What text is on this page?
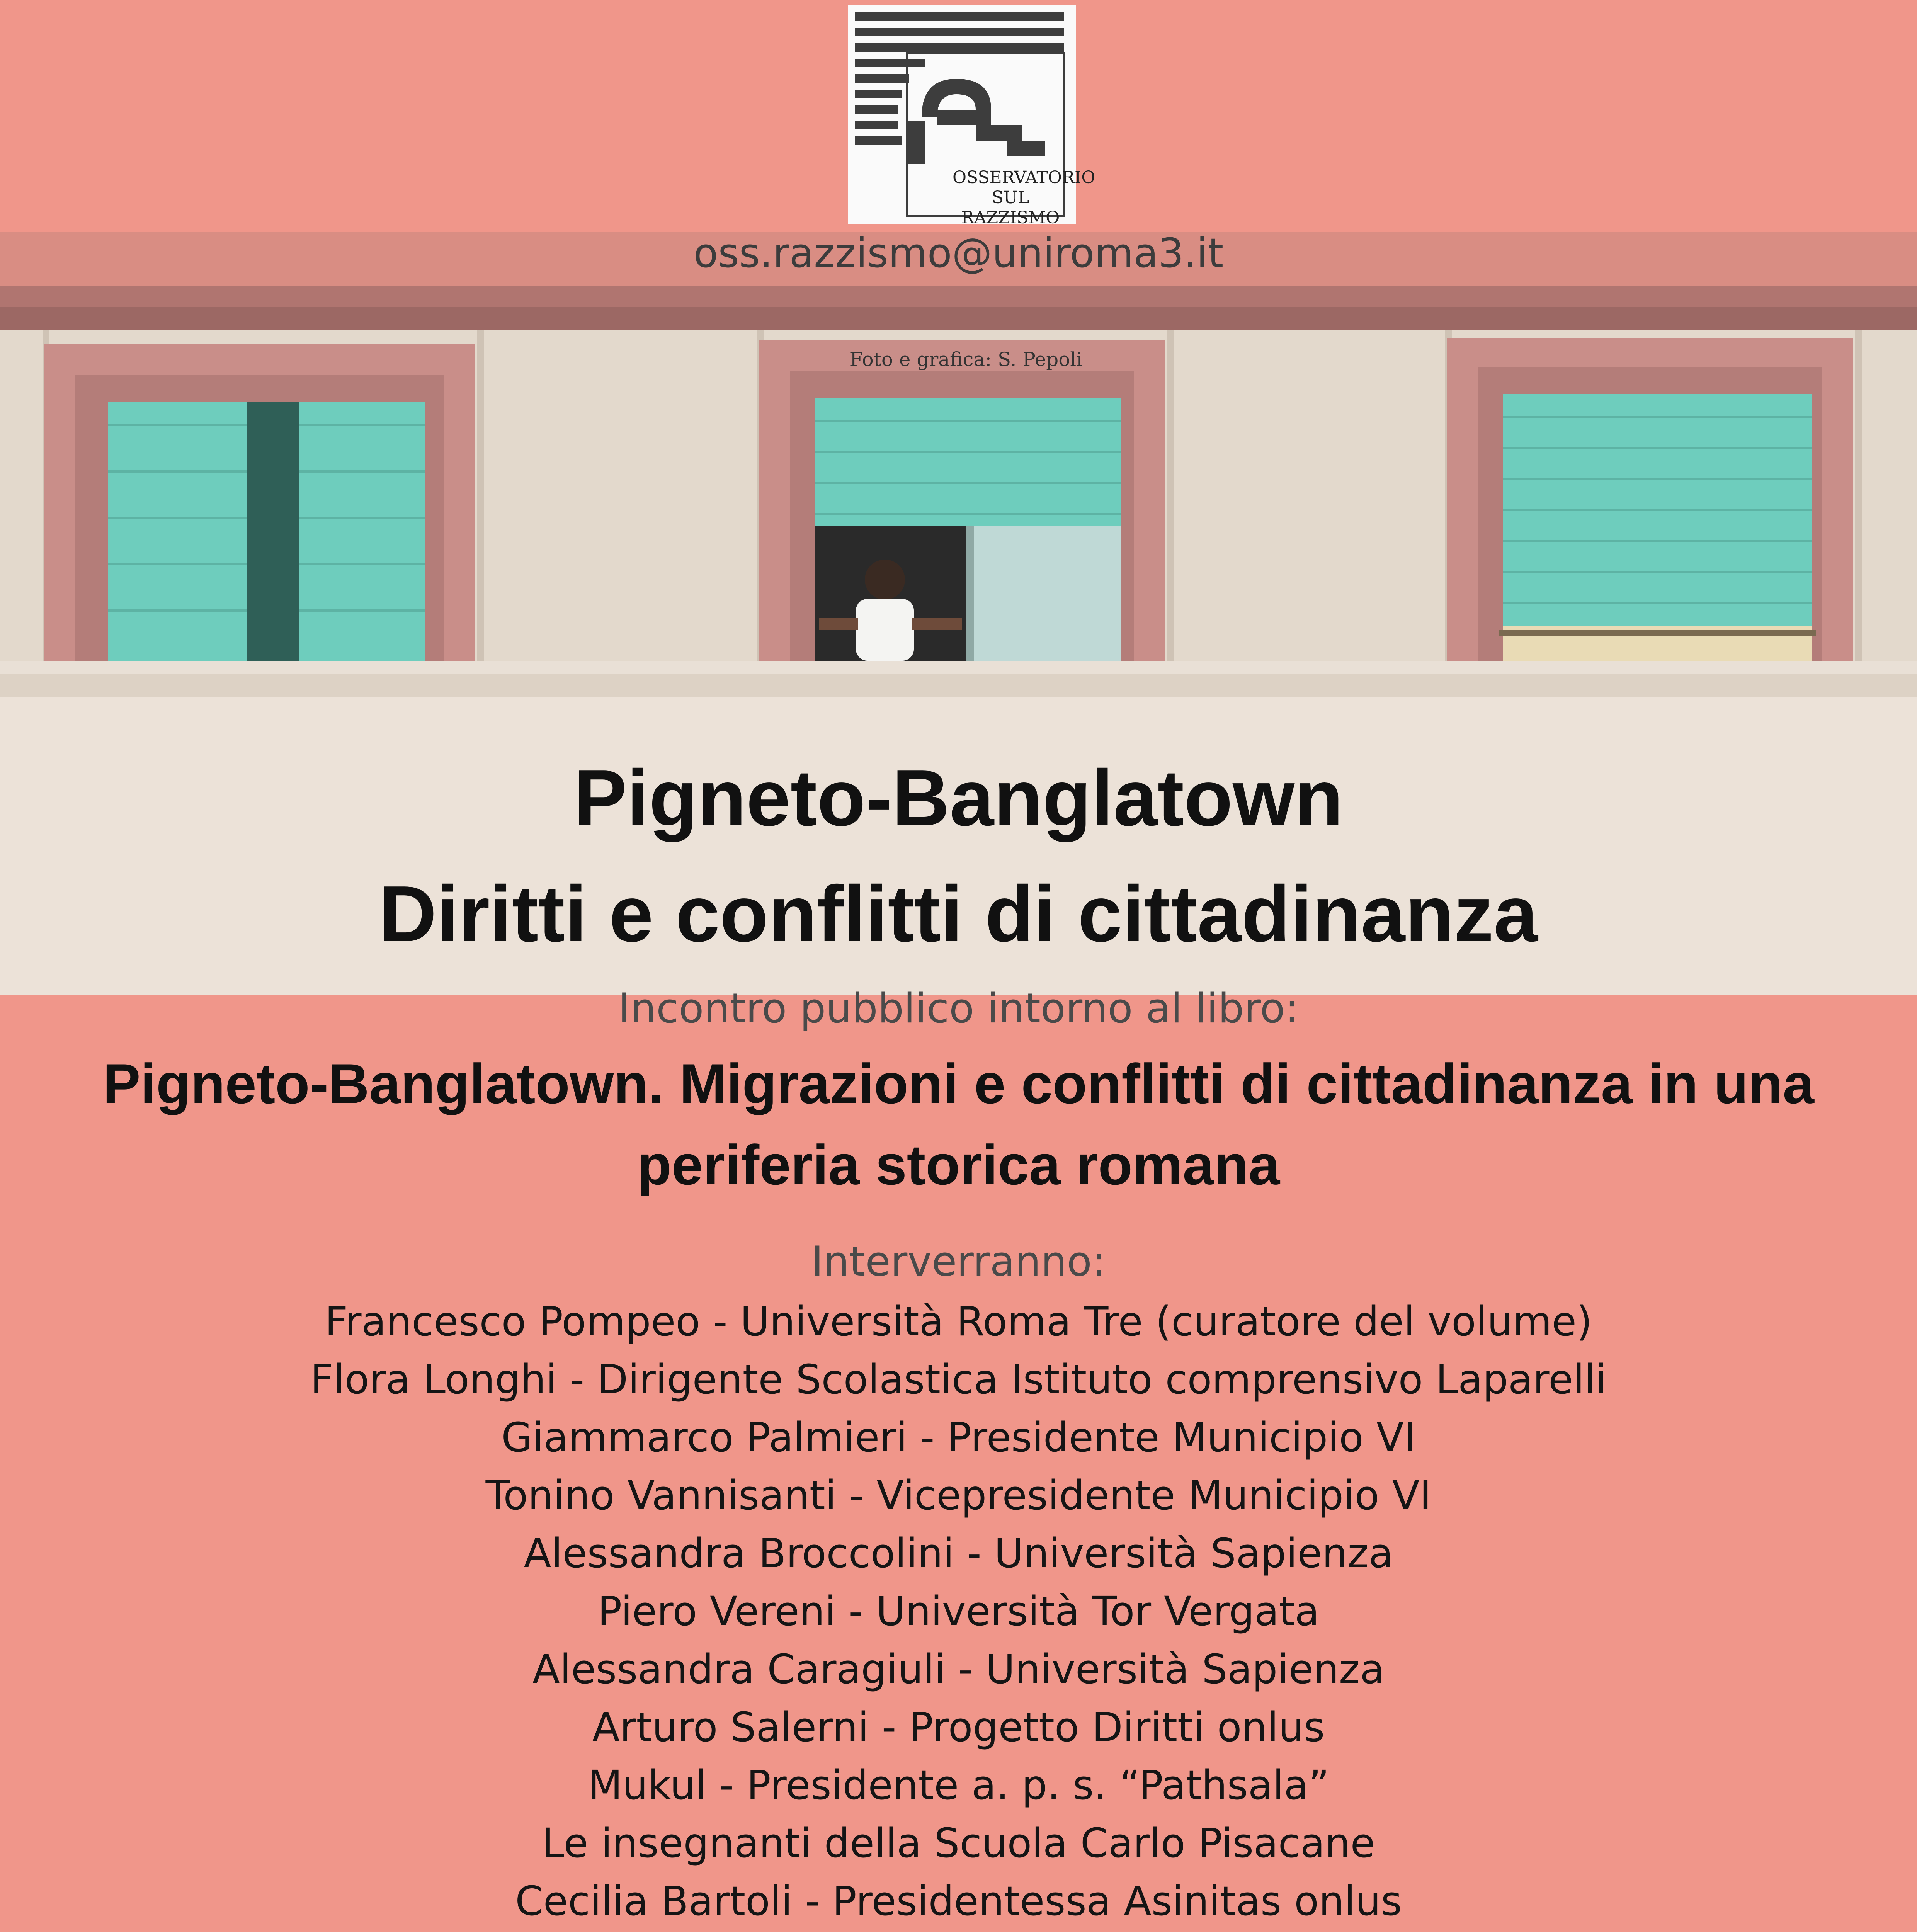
OSSERVATORIO
SUL RAZZISMO
Foto e grafica: S. Pepoli
oss.razzismo@uniroma3.it
Pigneto-Banglatown
Diritti e conflitti di cittadinanza
Incontro pubblico intorno al libro:
Pigneto-Banglatown. Migrazioni e conflitti di cittadinanza in una
periferia storica romana
Interverranno:
Francesco Pompeo - Università Roma Tre (curatore del volume)
Flora Longhi - Dirigente Scolastica Istituto comprensivo Laparelli
Giammarco Palmieri - Presidente Municipio VI
Tonino Vannisanti - Vicepresidente Municipio VI
Alessandra Broccolini - Università Sapienza
Piero Vereni - Università Tor Vergata
Alessandra Caragiuli - Università Sapienza
Arturo Salerni - Progetto Diritti onlus
Mukul - Presidente a. p. s. “Pathsala”
Le insegnanti della Scuola Carlo Pisacane
Cecilia Bartoli - Presidentessa Asinitas onlus
